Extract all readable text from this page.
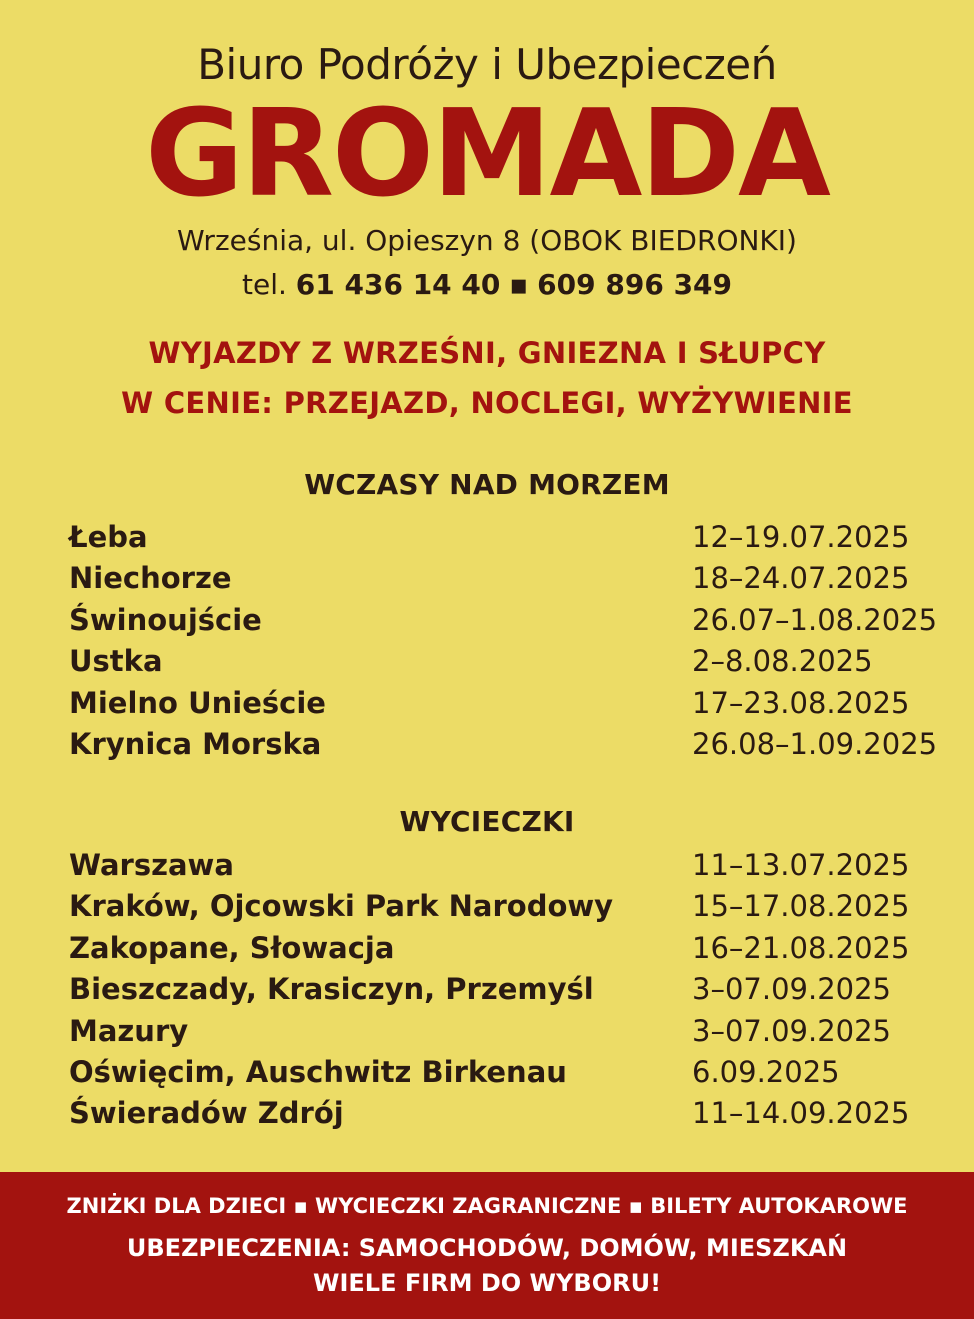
Biuro Podróży i Ubezpieczeń
GROMADA
Września, ul. Opieszyn 8 (OBOK BIEDRONKI)
tel. 61 436 14 40 ▪ 609 896 349
WYJAZDY Z WRZEŚNI, GNIEZNA I SŁUPCY
W CENIE: PRZEJAZD, NOCLEGI, WYŻYWIENIE
WCZASY NAD MORZEM
Łeba	12–19.07.2025
Niechorze	18–24.07.2025
Świnoujście	26.07–1.08.2025
Ustka	2–8.08.2025
Mielno Unieście	17–23.08.2025
Krynica Morska	26.08–1.09.2025
WYCIECZKI
Warszawa	11–13.07.2025
Kraków, Ojcowski Park Narodowy	15–17.08.2025
Zakopane, Słowacja	16–21.08.2025
Bieszczady, Krasiczyn, Przemyśl	3–07.09.2025
Mazury	3–07.09.2025
Oświęcim, Auschwitz Birkenau	6.09.2025
Świeradów Zdrój	11–14.09.2025
ZNIŻKI DLA DZIECI ▪ WYCIECZKI ZAGRANICZNE ▪ BILETY AUTOKAROWE
UBEZPIECZENIA: SAMOCHODÓW, DOMÓW, MIESZKAŃ
WIELE FIRM DO WYBORU!
